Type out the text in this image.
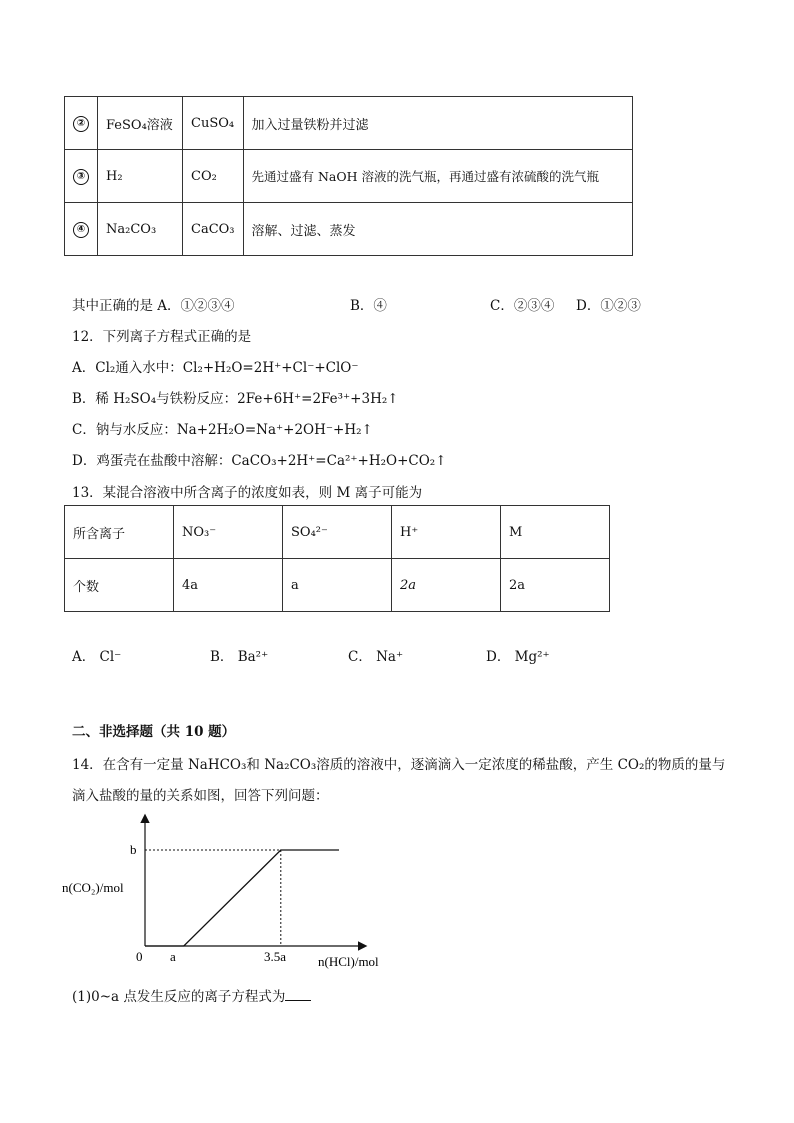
②	FeSO₄溶液	CuSO₄	加入过量铁粉并过滤
③	H₂	CO₂	先通过盛有 NaOH 溶液的洗气瓶，再通过盛有浓硫酸的洗气瓶
④	Na₂CO₃	CaCO₃	溶解、过滤、蒸发
其中正确的是 A．①②③④	B．④	C．②③④ D．①②③
12．下列离子方程式正确的是
A．Cl₂通入水中：Cl₂+H₂O=2H⁺+Cl⁻+ClO⁻
B．稀 H₂SO₄与铁粉反应：2Fe+6H⁺=2Fe³⁺+3H₂↑
C．钠与水反应：Na+2H₂O=Na⁺+2OH⁻+H₂↑
D．鸡蛋壳在盐酸中溶解：CaCO₃+2H⁺=Ca²⁺+H₂O+CO₂↑
13．某混合溶液中所含离子的浓度如表，则 M 离子可能为
所含离子	NO₃⁻	SO₄²⁻	H⁺	M
个数	4a	a	2a	2a
A． Cl⁻	B． Ba²⁺	C． Na⁺	D． Mg²⁺
二、非选择题（共 10 题）
14．在含有一定量 NaHCO₃和 Na₂CO₃溶质的溶液中，逐滴滴入一定浓度的稀盐酸，产生 CO₂的物质的量与
滴入盐酸的量的关系如图，回答下列问题：
b
n(CO₂)/mol
0 a	3.5a n(HCl)/mol
(1)0~a 点发生反应的离子方程式为
